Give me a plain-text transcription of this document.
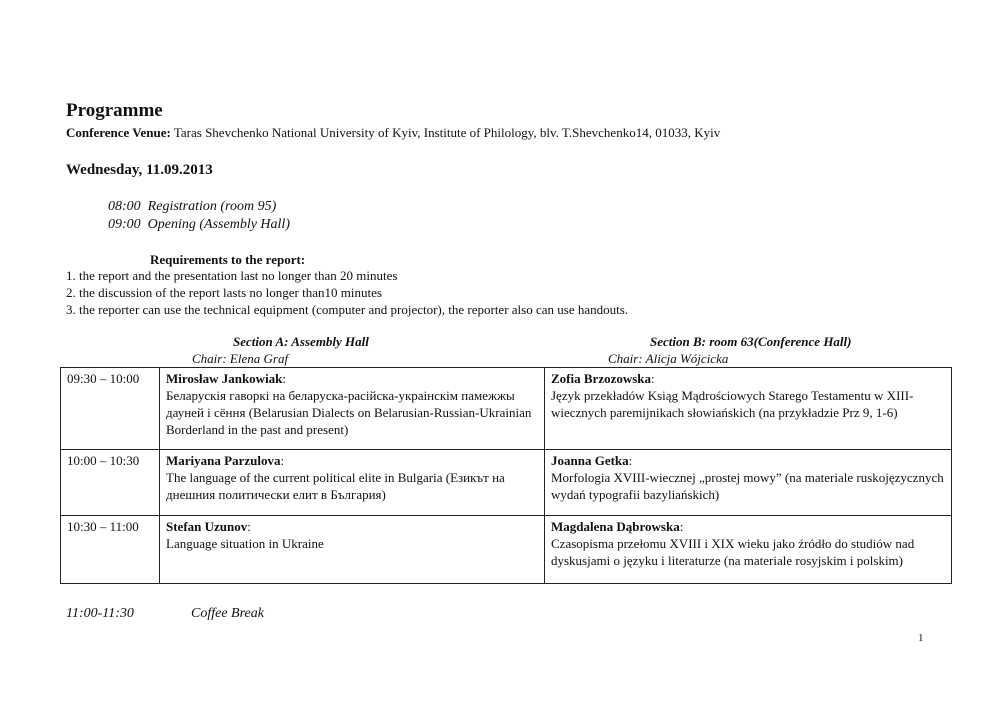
Programme
Conference Venue: Taras Shevchenko National University of Kyiv, Institute of Philology, blv. T.Shevchenko14, 01033, Kyiv
Wednesday, 11.09.2013
08:00 Registration (room 95)
09:00 Opening (Assembly Hall)
Requirements to the report:
1. the report and the presentation last no longer than 20 minutes
2. the discussion of the report lasts no longer than10 minutes
3. the reporter can use the technical equipment (computer and projector), the reporter also can use handouts.
Section A: Assembly Hall
Chair: Elena Graf
Section B: room 63(Conference Hall)
Chair: Alicja Wójcicka
09:30 – 10:00	Mirosław Jankowiak:
Беларускія гаворкі на беларуска-расійска-украінскім памежжы дауней і сёння (Belarusian Dialects on Belarusian-Russian-Ukrainian Borderland in the past and present)	Zofia Brzozowska:
Język przekładów Ksiąg Mądrościowych Starego Testamentu w XIII-wiecznych paremijnikach słowiańskich (na przykładzie Prz 9, 1-6)

10:00 – 10:30	Mariyana Parzulova:
The language of the current political elite in Bulgaria (Езикът на днешния политически елит в България)	Joanna Getka:
Morfologia XVIII-wiecznej „prostej mowy” (na materiale ruskojęzycznych wydań typografii bazyliańskich)

10:30 – 11:00	Stefan Uzunov:
Language situation in Ukraine	Magdalena Dąbrowska:
Czasopisma przełomu XVIII i XIX wieku jako źródło do studiów nad dyskusjami o języku i literaturze (na materiale rosyjskim i polskim)
11:00-11:30	Coffee Break
1
